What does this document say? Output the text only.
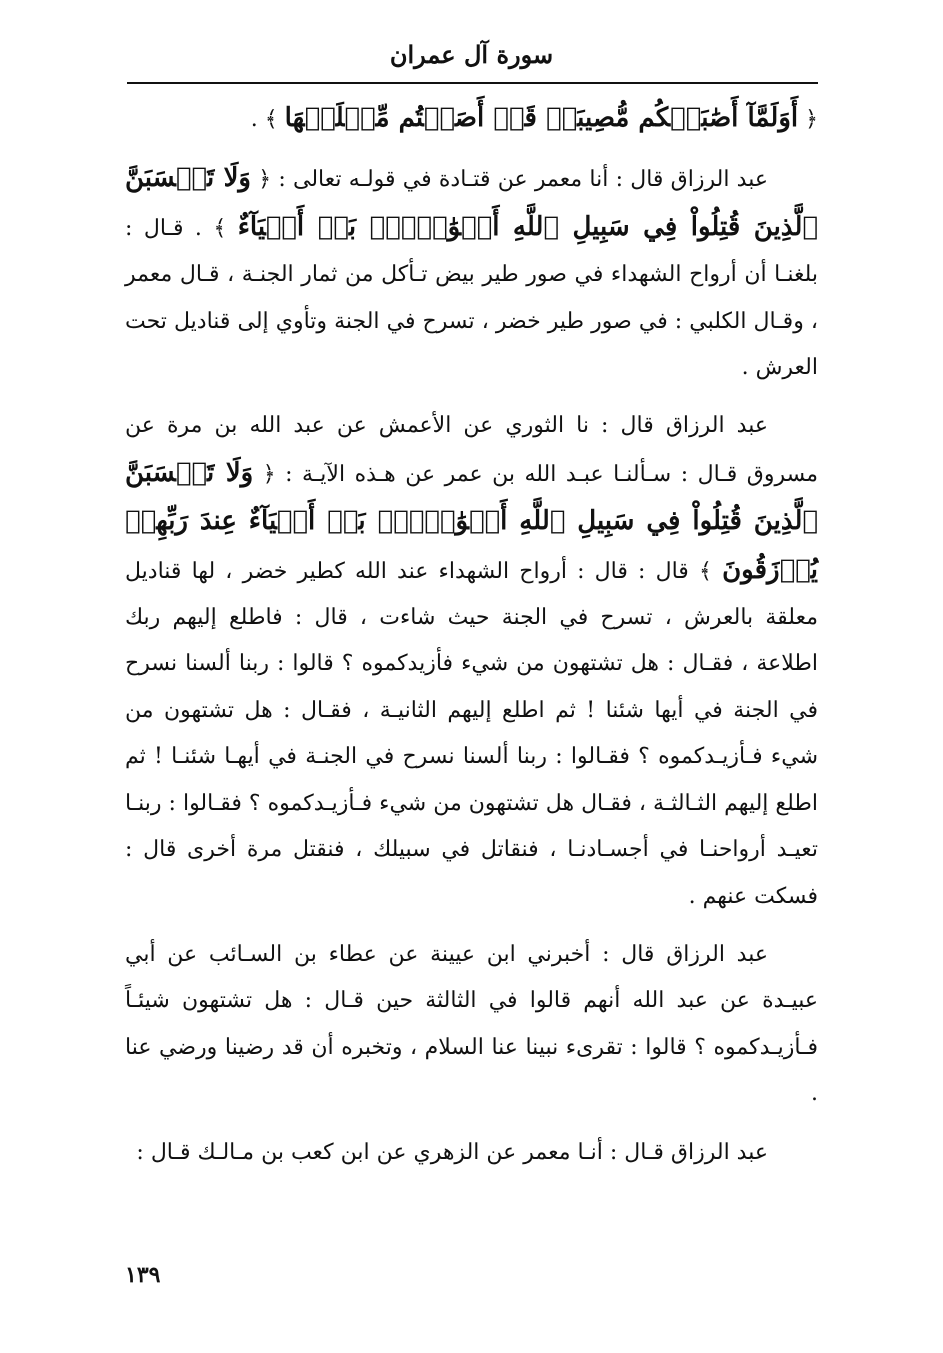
سورة آل عمران

﴿ أَوَلَمَّآ أَصَٰبَتۡكُم مُّصِيبَةٞ قَدۡ أَصَبۡتُم مِّثۡلَيۡهَا ﴾ .

عبد الرزاق قال : أنا معمر عن قتـادة في قولـه تعالى : ﴿ وَلَا تَحۡسَبَنَّ ٱلَّذِينَ قُتِلُواْ فِي سَبِيلِ ٱللَّهِ أَمۡوَٰتَۢاۚ بَلۡ أَحۡيَآءٌ ﴾ . قـال : بلغنـا أن أرواح الشهداء في صور طير بيض تـأكل من ثمار الجنـة ، قـال معمر ، وقـال الكلبي : في صور طير خضر ، تسرح في الجنة وتأوي إلى قناديل تحت العرش .

عبد الرزاق قال : نا الثوري عن الأعمش عن عبد الله بن مرة عن مسروق قـال : سـألنـا عبـد الله بن عمر عن هـذه الآيـة : ﴿ وَلَا تَحۡسَبَنَّ ٱلَّذِينَ قُتِلُواْ فِي سَبِيلِ ٱللَّهِ أَمۡوَٰتَۢاۚ بَلۡ أَحۡيَآءٌ عِندَ رَبِّهِمۡ يُرۡزَقُونَ ﴾ قال : قال : أرواح الشهداء عند الله كطير خضر ، لها قناديل معلقة بالعرش ، تسرح في الجنة حيث شاءت ، قال : فاطلع إليهم ربك اطلاعة ، فقـال : هل تشتهون من شيء فأزيدكموه ؟ قالوا : ربنا ألسنا نسرح في الجنة في أيها شئنا ! ثم اطلع إليهم الثانيـة ، فقـال : هل تشتهون من شيء فـأزيـدكموه ؟ فقـالوا : ربنا ألسنا نسرح في الجنـة في أيهـا شئنـا ! ثم اطلع إليهم الثـالثـة ، فقـال هل تشتهون من شيء فـأزيـدكموه ؟ فقـالوا : ربنـا تعيـد أرواحنـا في أجسـادنـا ، فنقاتل في سبيلك ، فنقتل مرة أخرى قال : فسكت عنهم .

عبد الرزاق قال : أخبرني ابن عيينة عن عطاء بن السـائب عن أبي عبيـدة عن عبد الله أنهم قالوا في الثالثة حين قـال : هل تشتهون شيئـاً فـأزيـدكموه ؟ قالوا : تقرىء نبينا عنا السلام ، وتخبره أن قد رضينا ورضي عنا .

عبد الرزاق قـال : أنـا معمر عن الزهري عن ابن كعب بن مـالـك قـال :

١٣٩
